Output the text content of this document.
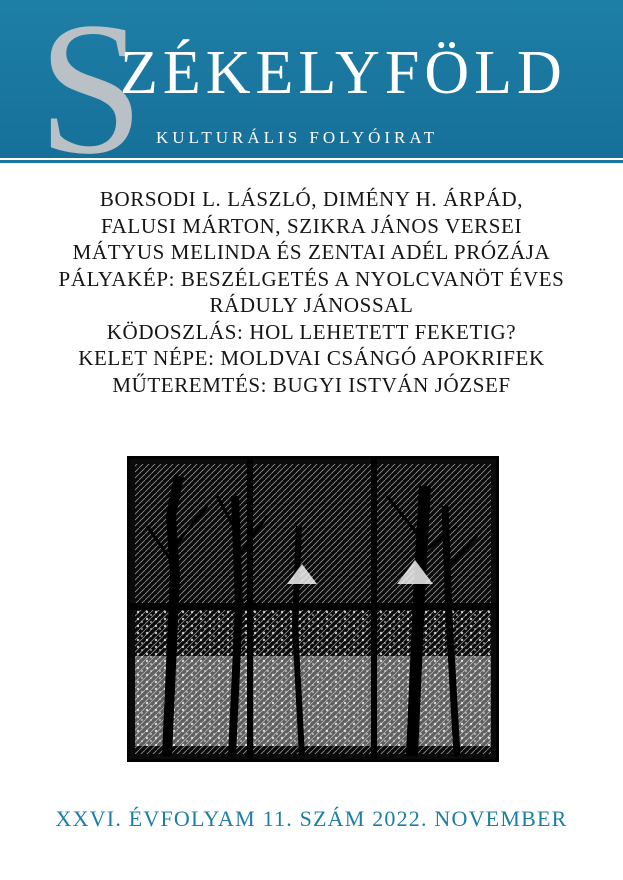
S
ZÉKELYFÖLD
KULTURÁLIS FOLYÓIRAT
BORSODI L. LÁSZLÓ, DIMÉNY H. ÁRPÁD,
FALUSI MÁRTON, SZIKRA JÁNOS VERSEI
MÁTYUS MELINDA ÉS ZENTAI ADÉL PRÓZÁJA
PÁLYAKÉP: BESZÉLGETÉS A NYOLCVANÖT ÉVES
RÁDULY JÁNOSSAL
KÖDOSZLÁS: HOL LEHETETT FEKETIG?
KELET NÉPE: MOLDVAI CSÁNGÓ APOKRIFEK
MŰTEREMTÉS: BUGYI ISTVÁN JÓZSEF
XXVI. ÉVFOLYAM 11. SZÁM 2022. NOVEMBER
